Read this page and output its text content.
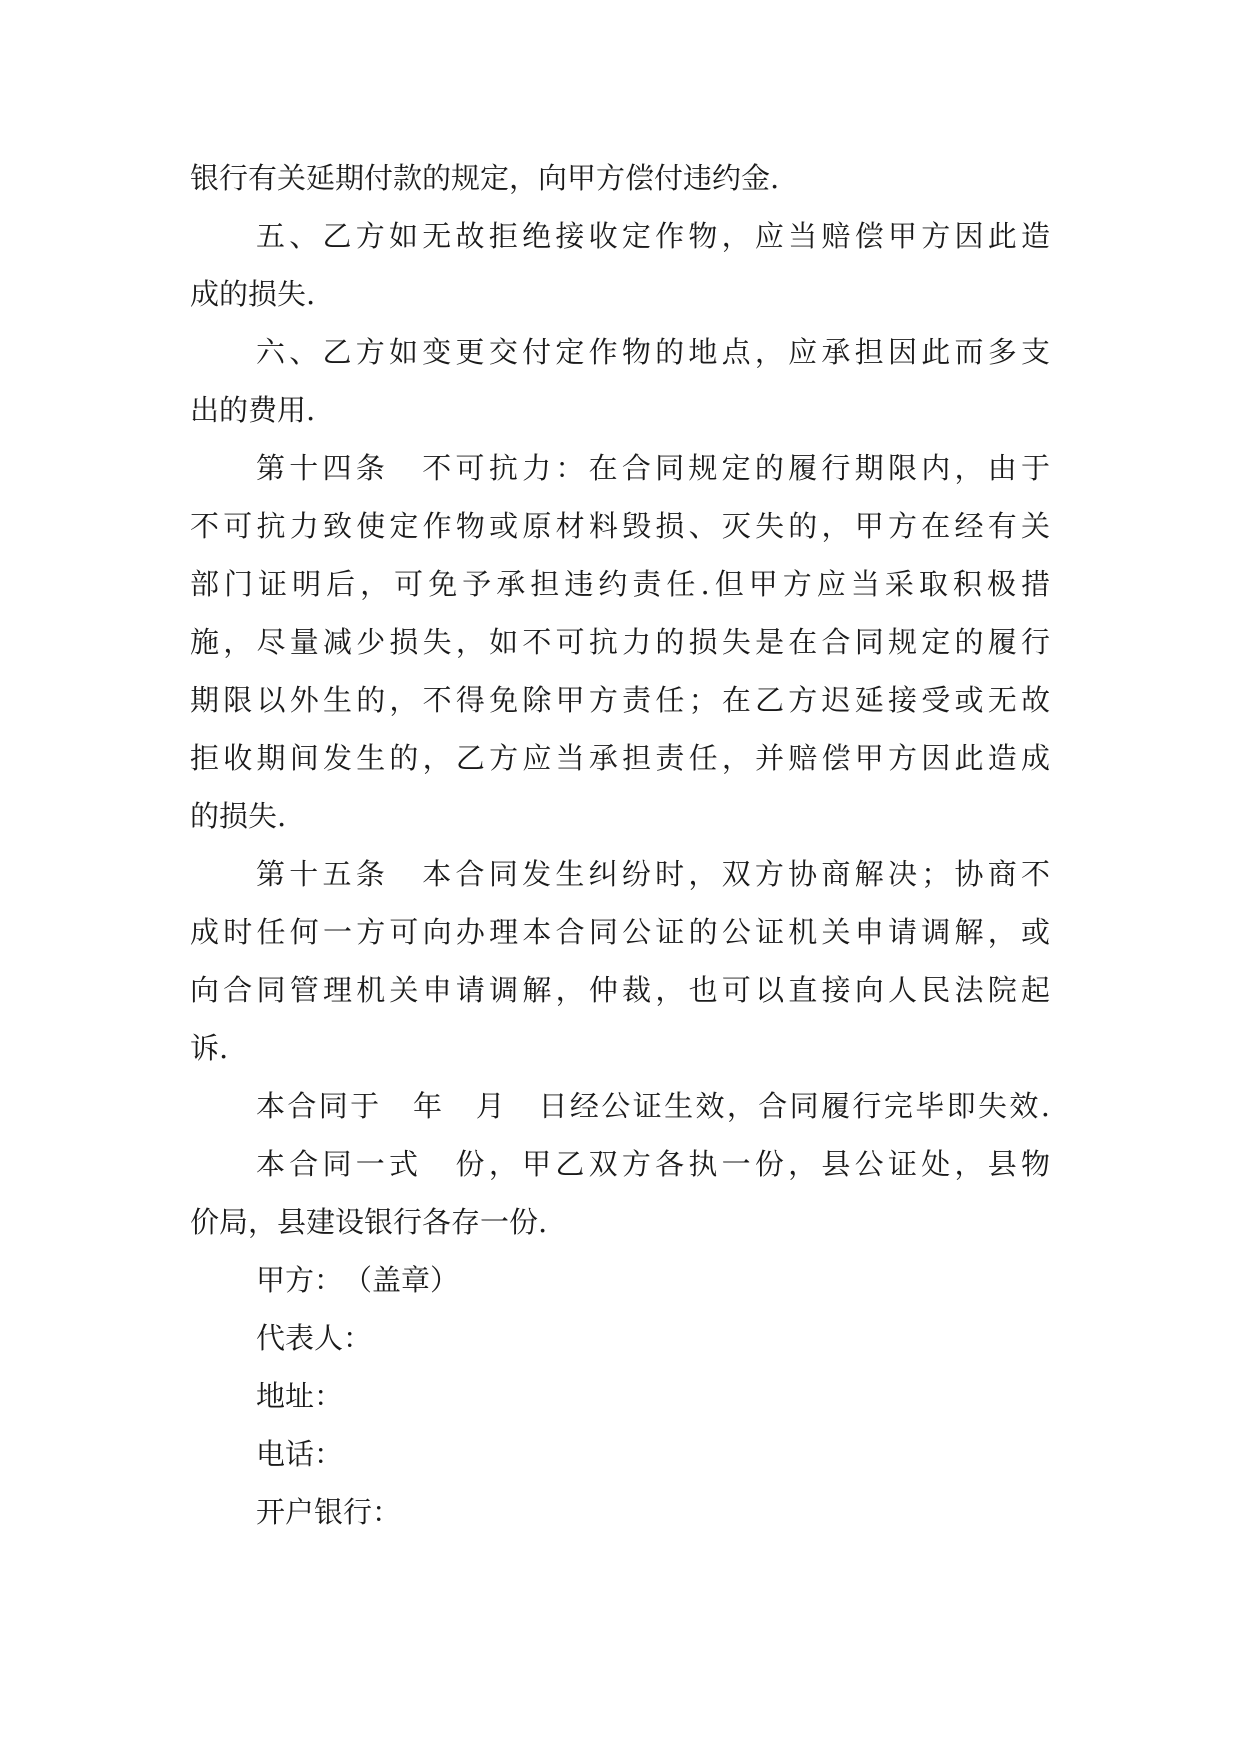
银行有关延期付款的规定，向甲方偿付违约金.
五、乙方如无故拒绝接收定作物，应当赔偿甲方因此造
成的损失.
六、乙方如变更交付定作物的地点，应承担因此而多支
出的费用.
第十四条　不可抗力：在合同规定的履行期限内，由于
不可抗力致使定作物或原材料毁损、灭失的，甲方在经有关
部门证明后，可免予承担违约责任.但甲方应当采取积极措
施，尽量减少损失，如不可抗力的损失是在合同规定的履行
期限以外生的，不得免除甲方责任；在乙方迟延接受或无故
拒收期间发生的，乙方应当承担责任，并赔偿甲方因此造成
的损失.
第十五条　本合同发生纠纷时，双方协商解决；协商不
成时任何一方可向办理本合同公证的公证机关申请调解，或
向合同管理机关申请调解，仲裁，也可以直接向人民法院起
诉.
本合同于　年　月　日经公证生效，合同履行完毕即失效.
本合同一式　份，甲乙双方各执一份，县公证处，县物
价局，县建设银行各存一份.
甲方：　（盖章）
代表人：
地址：
电话：
开户银行：
